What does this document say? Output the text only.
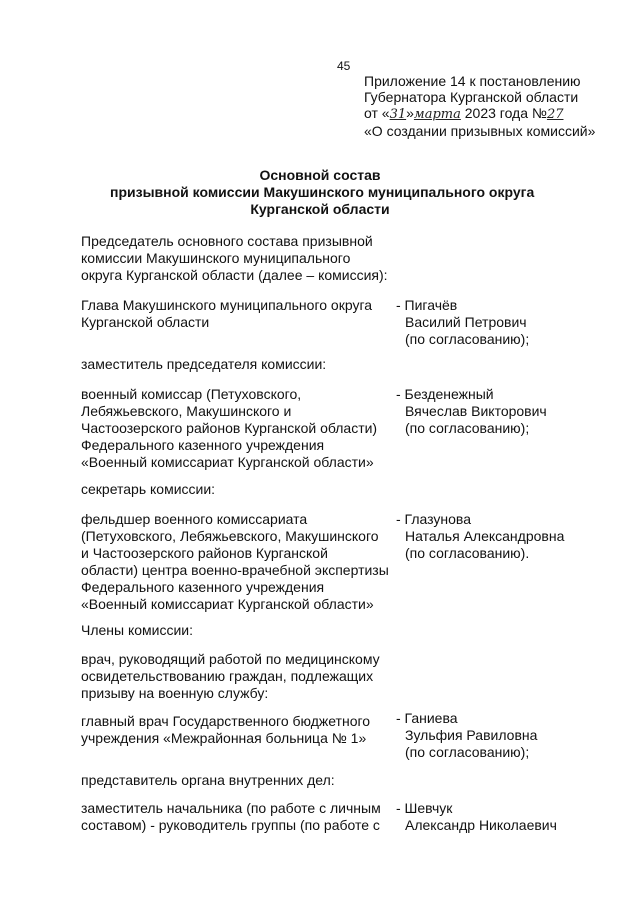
45
Приложение 14 к постановлению
Губернатора Курганской области
от «31»марта 2023 года №27
«О создании призывных комиссий»
Основной состав
призывной комиссии Макушинского муниципального округа
Курганской области
Председатель основного состава призывной
комиссии Макушинского муниципального
округа Курганской области (далее – комиссия):
Глава Макушинского муниципального округа
Курганской области
- Пигачёв
Василий Петрович
(по согласованию);
заместитель председателя комиссии:
военный комиссар (Петуховского,
Лебяжьевского, Макушинского и
Частоозерского районов Курганской области)
Федерального казенного учреждения
«Военный комиссариат Курганской области»
- Безденежный
Вячеслав Викторович
(по согласованию);
секретарь комиссии:
фельдшер военного комиссариата
(Петуховского, Лебяжьевского, Макушинского
и Частоозерского районов Курганской
области) центра военно-врачебной экспертизы
Федерального казенного учреждения
«Военный комиссариат Курганской области»
- Глазунова
Наталья Александровна
(по согласованию).
Члены комиссии:
врач, руководящий работой по медицинскому
освидетельствованию граждан, подлежащих
призыву на военную службу:
главный врач Государственного бюджетного
учреждения «Межрайонная больница № 1»
- Ганиева
Зульфия Равиловна
(по согласованию);
представитель органа внутренних дел:
заместитель начальника (по работе с личным
составом) - руководитель группы (по работе с
- Шевчук
Александр Николаевич
